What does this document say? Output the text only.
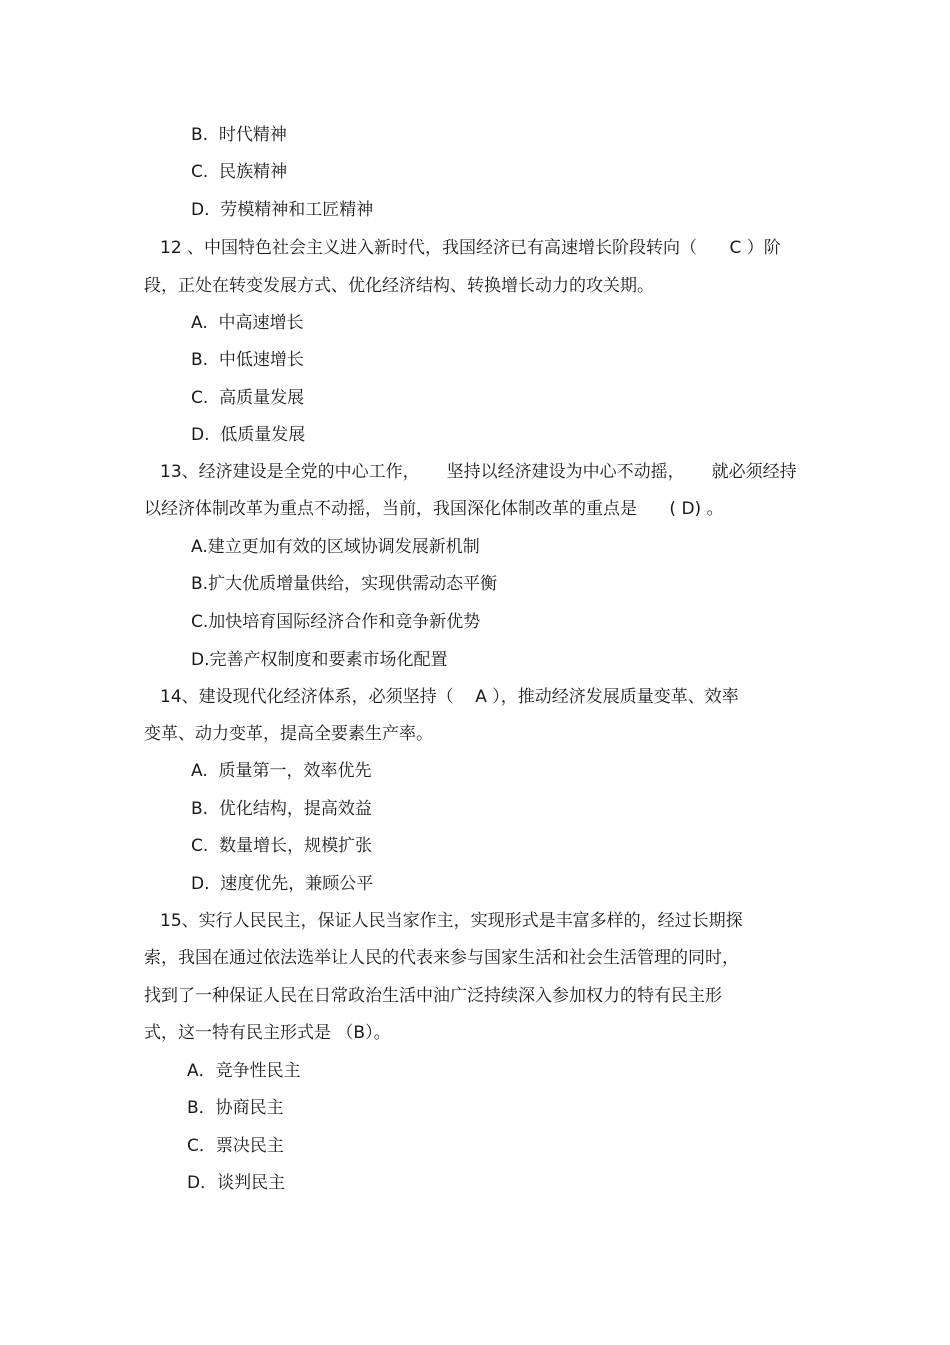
B.  时代精神
C.  民族精神
D.  劳模精神和工匠精神
12 、中国特色社会主义进入新时代，我国经济已有高速增长阶段转向（      C ）阶
段，正处在转变发展方式、优化经济结构、转换增长动力的攻关期。
A.  中高速增长
B.  中低速增长
C.  高质量发展
D.  低质量发展
13、经济建设是全党的中心工作，     坚持以经济建设为中心不动摇，     就必须经持
以经济体制改革为重点不动摇，当前，我国深化体制改革的重点是      ( D) 。
A.建立更加有效的区域协调发展新机制
B.扩大优质增量供给，实现供需动态平衡
C.加快培育国际经济合作和竞争新优势
D.完善产权制度和要素市场化配置
14、建设现代化经济体系，必须坚持（    A ），推动经济发展质量变革、效率
变革、动力变革，提高全要素生产率。
A.  质量第一，效率优先
B.  优化结构，提高效益
C.  数量增长，规模扩张
D.  速度优先，兼顾公平
15、实行人民民主，保证人民当家作主，实现形式是丰富多样的，经过长期探
索，我国在通过依法选举让人民的代表来参与国家生活和社会生活管理的同时，
找到了一种保证人民在日常政治生活中油广泛持续深入参加权力的特有民主形
式，这一特有民主形式是 （B）。
A．竞争性民主
B．协商民主
C．票决民主
D．谈判民主
